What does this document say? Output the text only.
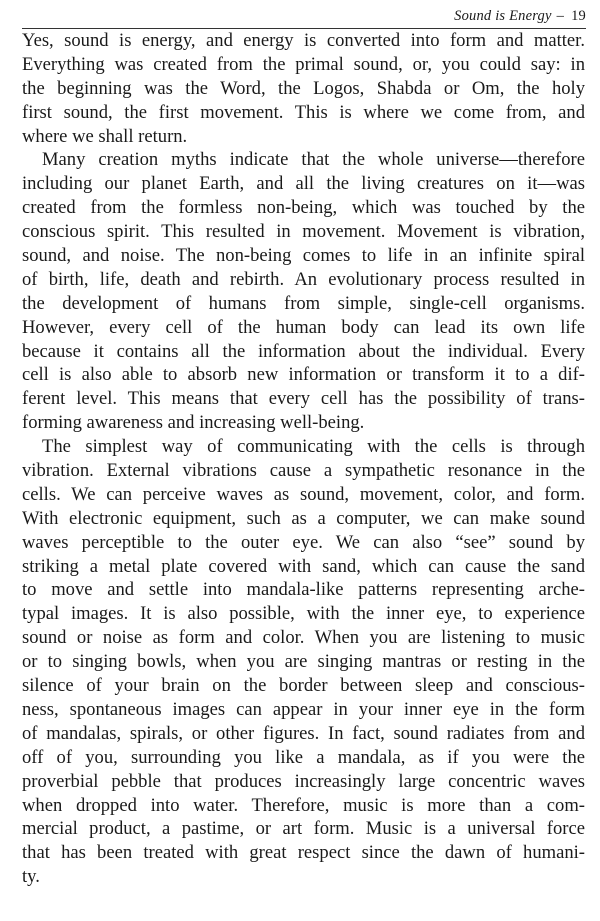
Sound is Energy – 19
Yes, sound is energy, and energy is converted into form and matter.
Everything was created from the primal sound, or, you could say: in
the beginning was the Word, the Logos, Shabda or Om, the holy
first sound, the first movement. This is where we come from, and
where we shall return.
Many creation myths indicate that the whole universe—therefore
including our planet Earth, and all the living creatures on it—was
created from the formless non-being, which was touched by the
conscious spirit. This resulted in movement. Movement is vibration,
sound, and noise. The non-being comes to life in an infinite spiral
of birth, life, death and rebirth. An evolutionary process resulted in
the development of humans from simple, single-cell organisms.
However, every cell of the human body can lead its own life
because it contains all the information about the individual. Every
cell is also able to absorb new information or transform it to a dif-
ferent level. This means that every cell has the possibility of trans-
forming awareness and increasing well-being.
The simplest way of communicating with the cells is through
vibration. External vibrations cause a sympathetic resonance in the
cells. We can perceive waves as sound, movement, color, and form.
With electronic equipment, such as a computer, we can make sound
waves perceptible to the outer eye. We can also “see” sound by
striking a metal plate covered with sand, which can cause the sand
to move and settle into mandala-like patterns representing arche-
typal images. It is also possible, with the inner eye, to experience
sound or noise as form and color. When you are listening to music
or to singing bowls, when you are singing mantras or resting in the
silence of your brain on the border between sleep and conscious-
ness, spontaneous images can appear in your inner eye in the form
of mandalas, spirals, or other figures. In fact, sound radiates from and
off of you, surrounding you like a mandala, as if you were the
proverbial pebble that produces increasingly large concentric waves
when dropped into water. Therefore, music is more than a com-
mercial product, a pastime, or art form. Music is a universal force
that has been treated with great respect since the dawn of humani-
ty.
